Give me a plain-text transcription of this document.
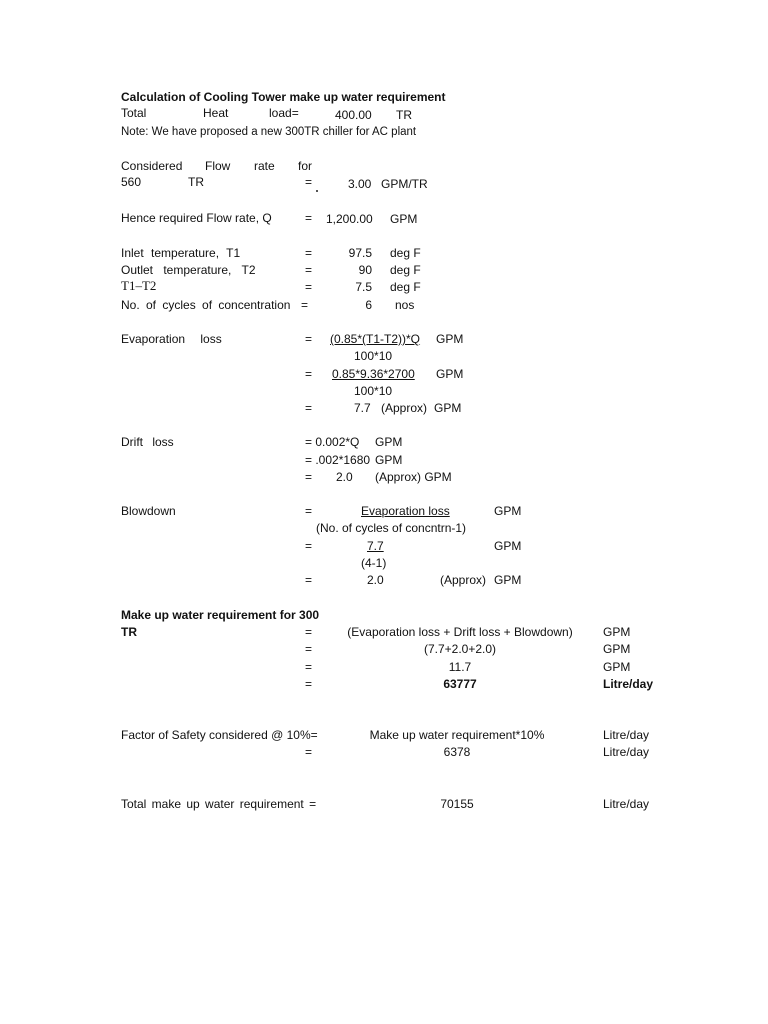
Calculation of Cooling Tower make up water requirement
Total	Heat	load=	400.00 TR
Note: We have proposed a new 300TR chiller for AC plant
Considered Flow rate for
560	TR	=	3.00 GPM/TR
Hence required Flow rate, Q	= 1,200.00 GPM
Inlet temperature, T1	=	97.5 deg F
Outlet temperature, T2	=	90 deg F
T1–T2	=	7.5 deg F
No. of cycles of concentration =	6 nos
Evaporation loss	= (0.85*(T1-T2))*Q GPM
100*10
= 0.85*9.36*2700 GPM
100*10
=	7.7 (Approx) GPM
Drift loss	= 0.002*Q GPM
= .002*1680 GPM
= 2.0 (Approx) GPM
Blowdown	=	Evaporation loss	GPM
(No. of cycles of concntrn-1)
=	7.7	GPM
(4-1)
=	2.0	(Approx) GPM
Make up water requirement for 300
TR	=	(Evaporation loss + Drift loss + Blowdown)	GPM
=	(7.7+2.0+2.0)	GPM
=	11.7	GPM
=	63777	Litre/day
Factor of Safety considered @ 10%=	Make up water requirement*10%	Litre/day
=	6378	Litre/day
Total make up water requirement =	70155	Litre/day
